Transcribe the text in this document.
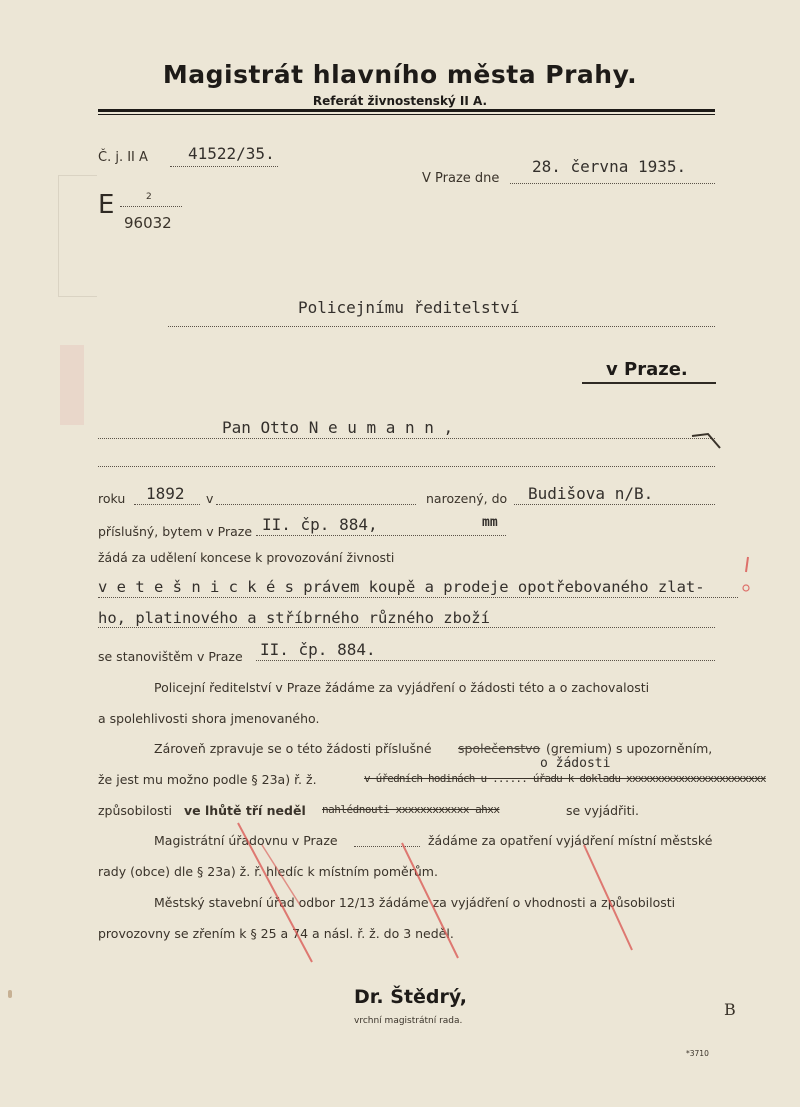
Magistrát hlavního města Prahy.
Referát živnostenský II A.
Č. j. II A	41522/35.
E	2
96032
V Praze dne
28. června 1935.
Policejnímu ředitelství
v Praze.
Pan Otto N e u m a n n ,
roku 1892 v	narozený, do Budišova n/B.
příslušný, bytem v Praze II. čp. 884,	mm
žádá za udělení koncese k provozování živnosti
v e t e š n i c k é s právem koupě a prodeje opotřebovaného zlat-
ho, platinového a stříbrného různého zboží
se stanovištěm v Praze II. čp. 884.
Policejní ředitelství v Praze žádáme za vyjádření o žádosti této a o zachovalosti
a spolehlivosti shora jmenovaného.
Zároveň zpravuje se o této žádosti příslušné společenstvo (gremium) s upozorněním,
o žádosti
že jest mu možno podle § 23a) ř. ž.	v úředních hodinách u ...... úřadu k dokladu xxxxxxxxxxxxxxxxxxxxxxxx
způsobilosti ve lhůtě tří neděl nahlédnouti xxxxxxxxxxxx ahxx	se vyjádřiti.
Magistrátní úřadovnu v Praze	žádáme za opatření vyjádření místní městské
rady (obce) dle § 23a) ž. ř. hledíc k místním poměrům.
Městský stavební úřad odbor 12/13 žádáme za vyjádření o vhodnosti a způsobilosti
provozovny se zřením k § 25 a 74 a násl. ř. ž. do 3 neděl.
Dr. Štědrý,
vrchní magistrátní rada.
B
*3710
